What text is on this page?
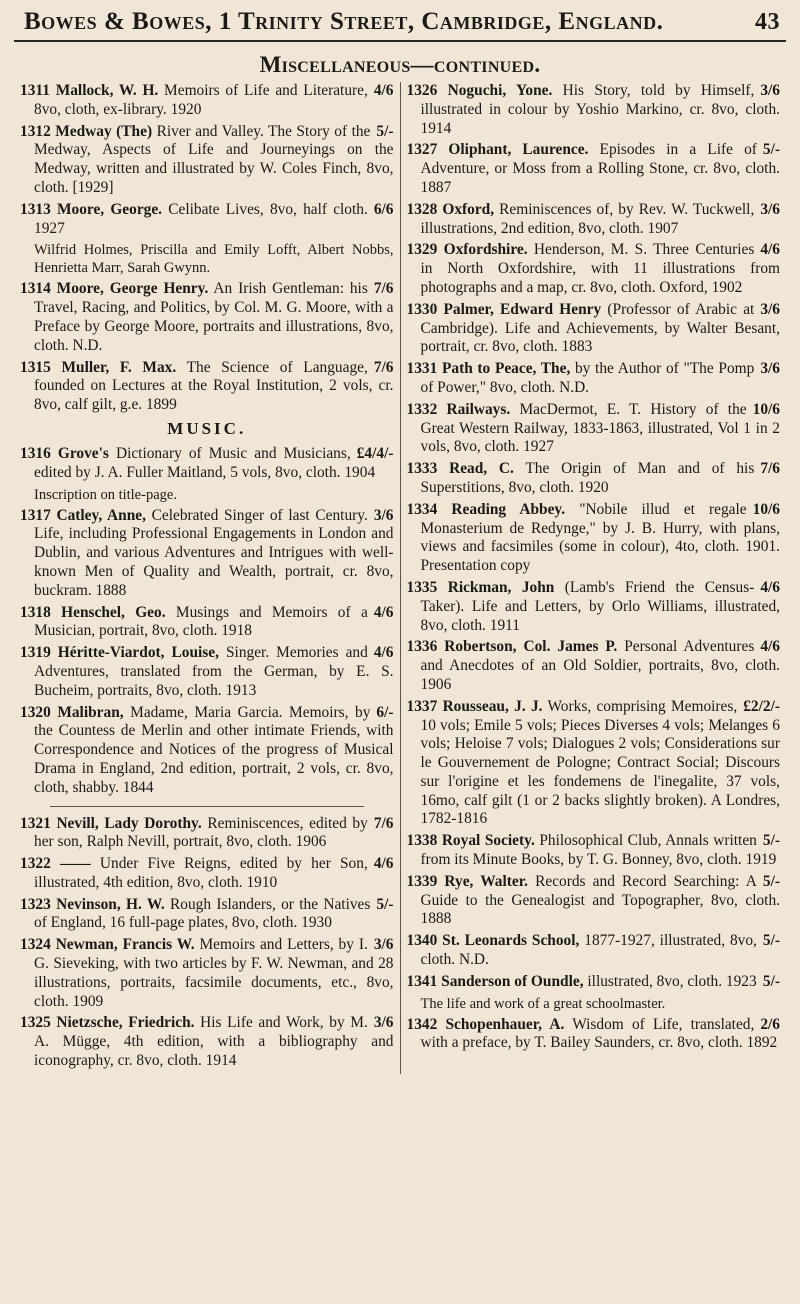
Bowes & Bowes, 1 Trinity Street, Cambridge, England.	43
Miscellaneous—continued.
4/6
1311 Mallock, W. H. Memoirs of Life and Literature, 8vo, cloth, ex-library. 1920
5/-
1312 Medway (The) River and Valley. The Story of the Medway, Aspects of Life and Journeyings on the Medway, written and illustrated by W. Coles Finch, 8vo, cloth. [1929]
6/6
1313 Moore, George. Celibate Lives, 8vo, half cloth. 1927
Wilfrid Holmes, Priscilla and Emily Lofft, Albert Nobbs, Henrietta Marr, Sarah Gwynn.
7/6
1314 Moore, George Henry. An Irish Gentleman: his Travel, Racing, and Politics, by Col. M. G. Moore, with a Preface by George Moore, portraits and illustrations, 8vo, cloth. N.D.
7/6
1315 Muller, F. Max. The Science of Language, founded on Lectures at the Royal Institution, 2 vols, cr. 8vo, calf gilt, g.e. 1899
MUSIC.
£4/4/-
1316 Grove's Dictionary of Music and Musicians, edited by J. A. Fuller Maitland, 5 vols, 8vo, cloth. 1904
Inscription on title-page.
3/6
1317 Catley, Anne, Celebrated Singer of last Century. Life, including Professional Engagements in London and Dublin, and various Adventures and Intrigues with well-known Men of Quality and Wealth, portrait, cr. 8vo, buckram. 1888
4/6
1318 Henschel, Geo. Musings and Memoirs of a Musician, portrait, 8vo, cloth. 1918
4/6
1319 Héritte-Viardot, Louise, Singer. Memories and Adventures, translated from the German, by E. S. Bucheim, portraits, 8vo, cloth. 1913
6/-
1320 Malibran, Madame, Maria Garcia. Memoirs, by the Countess de Merlin and other intimate Friends, with Correspondence and Notices of the progress of Musical Drama in England, 2nd edition, portrait, 2 vols, cr. 8vo, cloth, shabby. 1844
7/6
1321 Nevill, Lady Dorothy. Reminiscences, edited by her son, Ralph Nevill, portrait, 8vo, cloth. 1906
4/6
1322 —— Under Five Reigns, edited by her Son, illustrated, 4th edition, 8vo, cloth. 1910
5/-
1323 Nevinson, H. W. Rough Islanders, or the Natives of England, 16 full-page plates, 8vo, cloth. 1930
3/6
1324 Newman, Francis W. Memoirs and Letters, by I. G. Sieveking, with two articles by F. W. Newman, and 28 illustrations, portraits, facsimile documents, etc., 8vo, cloth. 1909
3/6
1325 Nietzsche, Friedrich. His Life and Work, by M. A. Mügge, 4th edition, with a bibliography and iconography, cr. 8vo, cloth. 1914
3/6
1326 Noguchi, Yone. His Story, told by Himself, illustrated in colour by Yoshio Markino, cr. 8vo, cloth. 1914
5/-
1327 Oliphant, Laurence. Episodes in a Life of Adventure, or Moss from a Rolling Stone, cr. 8vo, cloth. 1887
3/6
1328 Oxford, Reminiscences of, by Rev. W. Tuckwell, illustrations, 2nd edition, 8vo, cloth. 1907
4/6
1329 Oxfordshire. Henderson, M. S. Three Centuries in North Oxfordshire, with 11 illustrations from photographs and a map, cr. 8vo, cloth. Oxford, 1902
3/6
1330 Palmer, Edward Henry (Professor of Arabic at Cambridge). Life and Achievements, by Walter Besant, portrait, cr. 8vo, cloth. 1883
3/6
1331 Path to Peace, The, by the Author of "The Pomp of Power," 8vo, cloth. N.D.
10/6
1332 Railways. MacDermot, E. T. History of the Great Western Railway, 1833-1863, illustrated, Vol 1 in 2 vols, 8vo, cloth. 1927
7/6
1333 Read, C. The Origin of Man and of his Superstitions, 8vo, cloth. 1920
10/6
1334 Reading Abbey. "Nobile illud et regale Monasterium de Redynge," by J. B. Hurry, with plans, views and facsimiles (some in colour), 4to, cloth. 1901. Presentation copy
4/6
1335 Rickman, John (Lamb's Friend the Census-Taker). Life and Letters, by Orlo Williams, illustrated, 8vo, cloth. 1911
4/6
1336 Robertson, Col. James P. Personal Adventures and Anecdotes of an Old Soldier, portraits, 8vo, cloth. 1906
£2/2/-
1337 Rousseau, J. J. Works, comprising Memoires, 10 vols; Emile 5 vols; Pieces Diverses 4 vols; Melanges 6 vols; Heloise 7 vols; Dialogues 2 vols; Considerations sur le Gouvernement de Pologne; Contract Social; Discours sur l'origine et les fondemens de l'inegalite, 37 vols, 16mo, calf gilt (1 or 2 backs slightly broken). A Londres, 1782-1816
5/-
1338 Royal Society. Philosophical Club, Annals written from its Minute Books, by T. G. Bonney, 8vo, cloth. 1919
5/-
1339 Rye, Walter. Records and Record Searching: A Guide to the Genealogist and Topographer, 8vo, cloth. 1888
5/-
1340 St. Leonards School, 1877-1927, illustrated, 8vo, cloth. N.D.
5/-
1341 Sanderson of Oundle, illustrated, 8vo, cloth. 1923
The life and work of a great schoolmaster.
2/6
1342 Schopenhauer, A. Wisdom of Life, translated, with a preface, by T. Bailey Saunders, cr. 8vo, cloth. 1892
